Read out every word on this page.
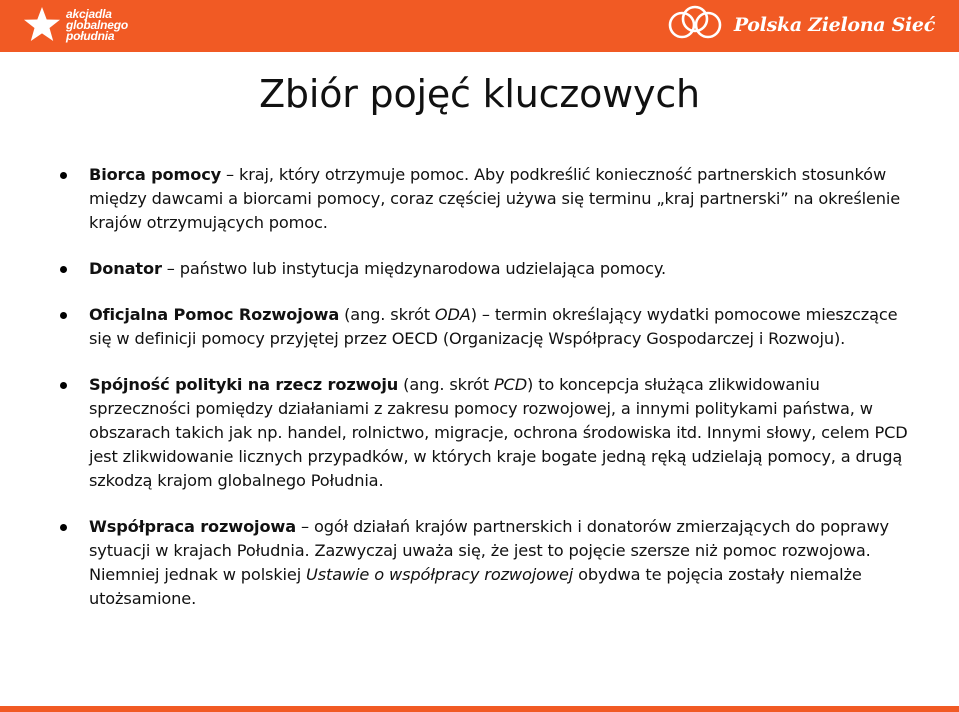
akcjadla
globalnego
południa	Polska Zielona Sieć
Zbiór pojęć kluczowych
Biorca pomocy – kraj, który otrzymuje pomoc. Aby podkreślić konieczność partnerskich stosunków między dawcami a biorcami pomocy, coraz częściej używa się terminu „kraj partnerski” na określenie krajów otrzymujących pomoc.
Donator – państwo lub instytucja międzynarodowa udzielająca pomocy.
Oficjalna Pomoc Rozwojowa (ang. skrót ODA) – termin określający wydatki pomocowe mieszczące się w definicji pomocy przyjętej przez OECD (Organizację Współpracy Gospodarczej i Rozwoju).
Spójność polityki na rzecz rozwoju (ang. skrót PCD) to koncepcja służąca zlikwidowaniu sprzeczności pomiędzy działaniami z zakresu pomocy rozwojowej, a innymi politykami państwa, w obszarach takich jak np. handel, rolnictwo, migracje, ochrona środowiska itd. Innymi słowy, celem PCD jest zlikwidowanie licznych przypadków, w których kraje bogate jedną ręką udzielają pomocy, a drugą szkodzą krajom globalnego Południa.
Współpraca rozwojowa – ogół działań krajów partnerskich i donatorów zmierzających do poprawy sytuacji w krajach Południa. Zazwyczaj uważa się, że jest to pojęcie szersze niż pomoc rozwojowa. Niemniej jednak w polskiej Ustawie o współpracy rozwojowej obydwa te pojęcia zostały niemalże utożsamione.
